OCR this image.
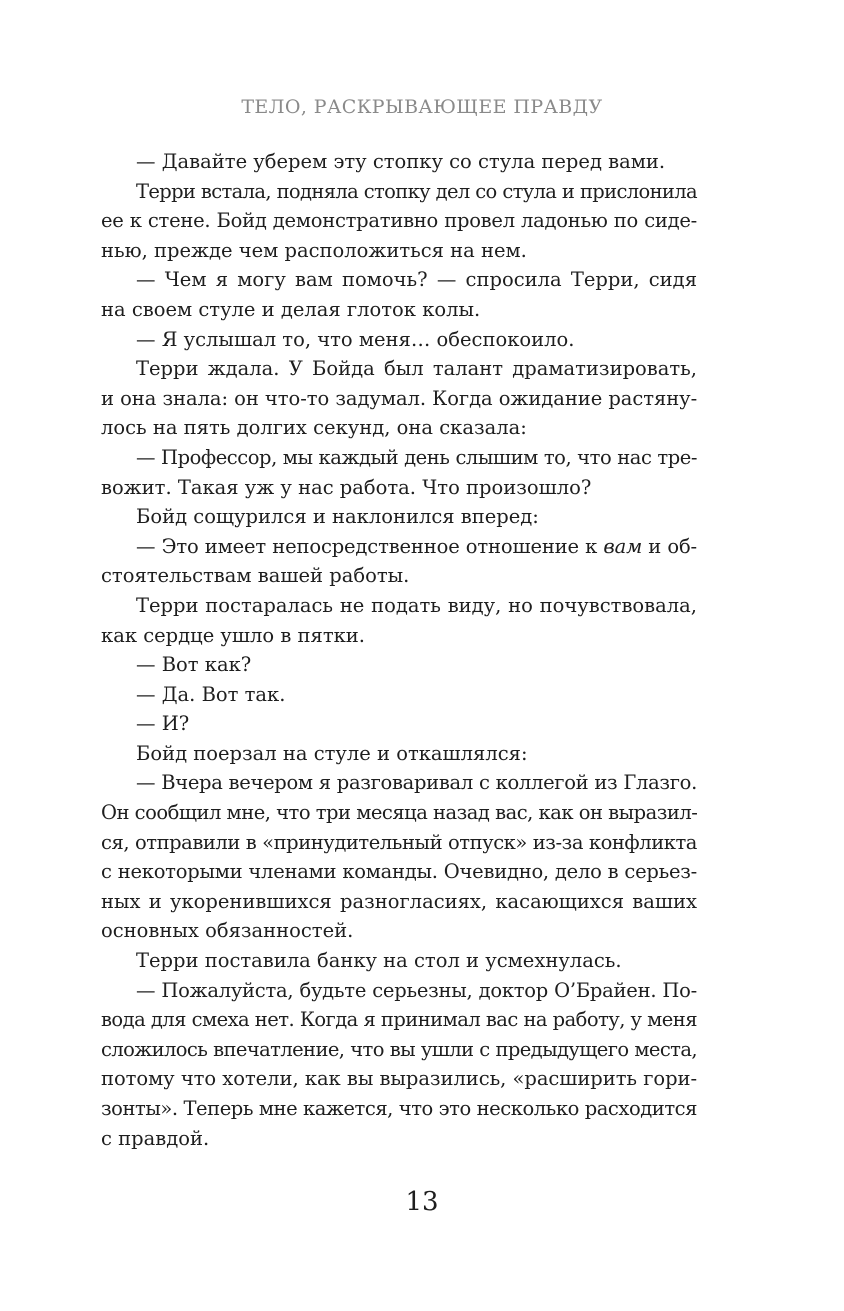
ТЕЛО, РАСКРЫВАЮЩЕЕ ПРАВДУ
— Давайте уберем эту стопку со стула перед вами.
Терри встала, подняла стопку дел со стула и прислонила
ее к стене. Бойд демонстративно провел ладонью по сиде-
нью, прежде чем расположиться на нем.
— Чем я могу вам помочь? — спросила Терри, сидя
на своем стуле и делая глоток колы.
— Я услышал то, что меня… обеспокоило.
Терри ждала. У Бойда был талант драматизировать,
и она знала: он что-то задумал. Когда ожидание растяну-
лось на пять долгих секунд, она сказала:
— Профессор, мы каждый день слышим то, что нас тре-
вожит. Такая уж у нас работа. Что произошло?
Бойд сощурился и наклонился вперед:
— Это имеет непосредственное отношение к вам и об-
стоятельствам вашей работы.
Терри постаралась не подать виду, но почувствовала,
как сердце ушло в пятки.
— Вот как?
— Да. Вот так.
— И?
Бойд поерзал на стуле и откашлялся:
— Вчера вечером я разговаривал с коллегой из Глазго.
Он сообщил мне, что три месяца назад вас, как он выразил-
ся, отправили в «принудительный отпуск» из-за конфликта
с некоторыми членами команды. Очевидно, дело в серьез-
ных и укоренившихся разногласиях, касающихся ваших
основных обязанностей.
Терри поставила банку на стол и усмехнулась.
— Пожалуйста, будьте серьезны, доктор О’Брайен. По-
вода для смеха нет. Когда я принимал вас на работу, у меня
сложилось впечатление, что вы ушли с предыдущего места,
потому что хотели, как вы выразились, «расширить гори-
зонты». Теперь мне кажется, что это несколько расходится
с правдой.
13
